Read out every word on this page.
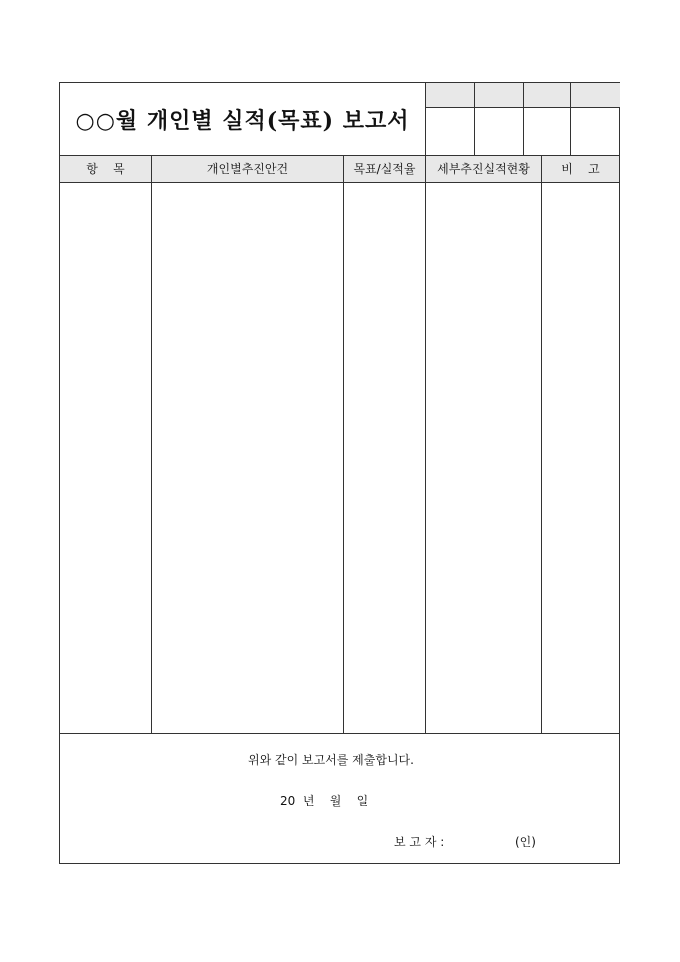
○○월 개인별 실적(목표) 보고서
항    목	개인별추진안건	목표/실적율	세부추진실적현황	비    고
위와 같이 보고서를 제출합니다.
20  년    월    일
보 고 자 :	(인)
